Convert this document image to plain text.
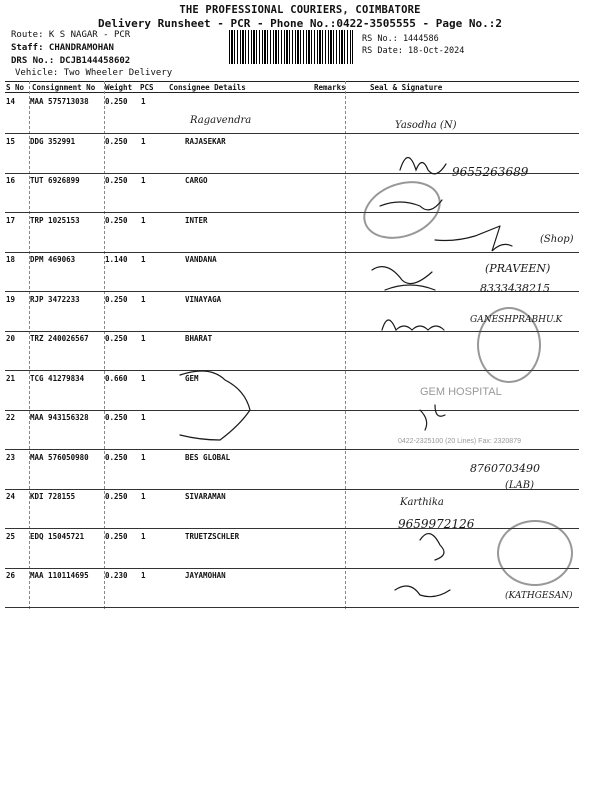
THE PROFESSIONAL COURIERS, COIMBATORE
Delivery Runsheet - PCR - Phone No.:0422-3505555 - Page No.:2
Route: K S NAGAR - PCR
Staff: CHANDRAMOHAN
DRS No.: DCJB144458602
Vehicle: Two Wheeler Delivery
RS No.: 1444586
RS Date: 18-Oct-2024
S No Consignment No Weight PCS Consignee Details	Remarks	Seal & Signature
14 MAA 575713038 0.250 1
15 DDG 352991	0.250 1	RAJASEKAR
16 TUT 6926899	0.250 1	CARGO
17 TRP 1025153	0.250 1	INTER
18 DPM 469063	1.140 1	VANDANA
19 RJP 3472233	0.250 1	VINAYAGA
20 TRZ 240026567 0.250 1	BHARAT
21 TCG 41279834	0.660 1	GEM
22 MAA 943156328 0.250 1
23 MAA 576050980 0.250 1	BES GLOBAL
24 KDI 728155	0.250 1	SIVARAMAN
25 EDQ 15045721	0.250 1	TRUETZSCHLER
26 MAA 110114695 0.230 1	JAYAMOHAN
GEM HOSPITAL
0422-2325100 (20 Lines) Fax: 2320879
Ragavendra	Yasodha (N)
9655263689
(Shop)
(PRAVEEN)
8333438215
GANESHPRABHU.K
8760703490
(LAB)
Karthika
9659972126
(KATHGESAN)
